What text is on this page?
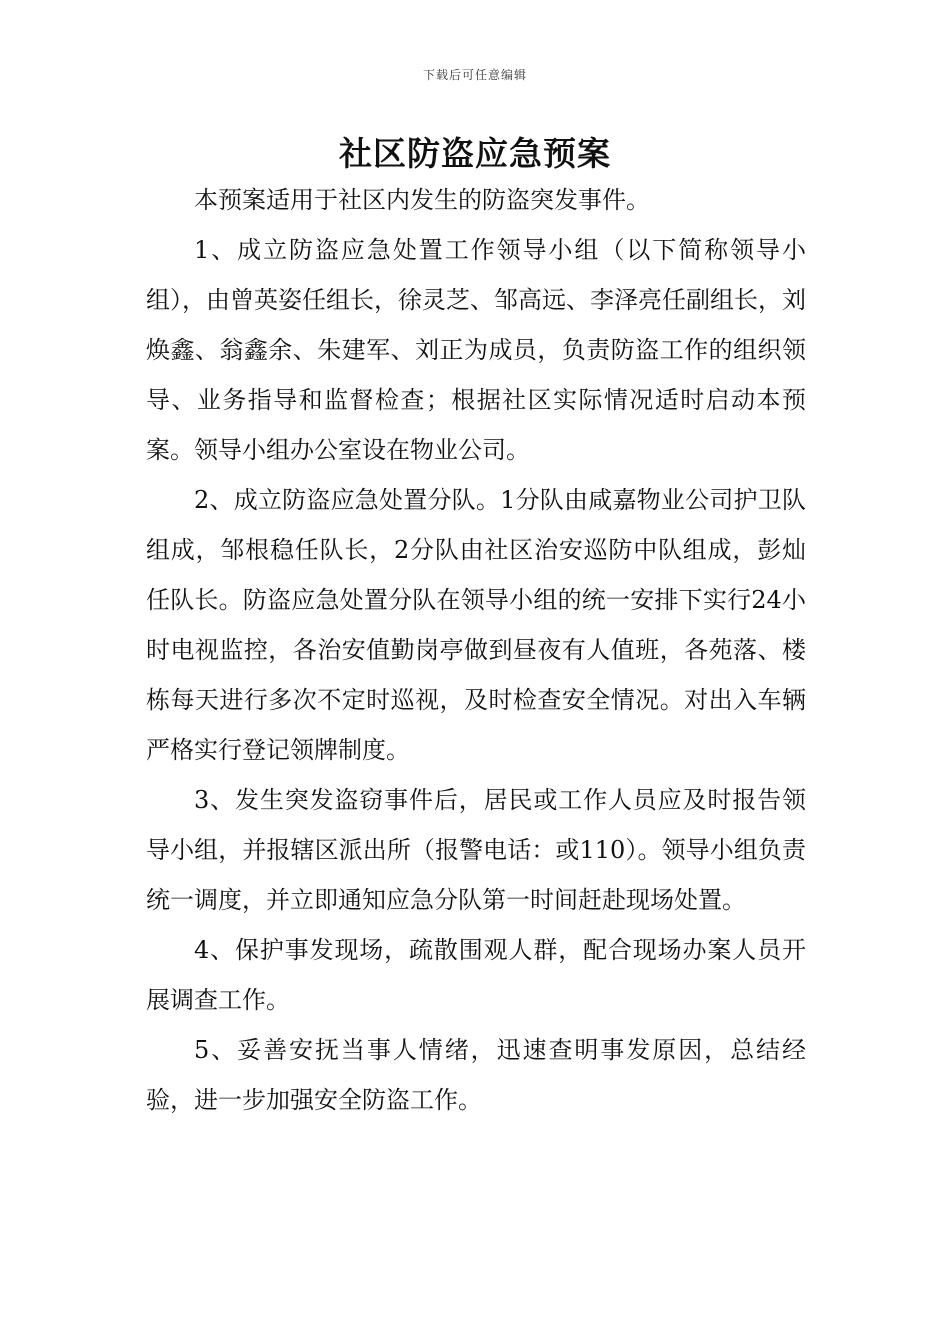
下载后可任意编辑
社区防盗应急预案

本预案适用于社区内发生的防盗突发事件。

1、成立防盗应急处置工作领导小组（以下简称领导小组），由曾英姿任组长，徐灵芝、邹高远、李泽亮任副组长，刘焕鑫、翁鑫余、朱建军、刘正为成员，负责防盗工作的组织领导、业务指导和监督检查；根据社区实际情况适时启动本预案。领导小组办公室设在物业公司。

2、成立防盗应急处置分队。1分队由咸嘉物业公司护卫队组成，邹根稳任队长，2分队由社区治安巡防中队组成，彭灿任队长。防盗应急处置分队在领导小组的统一安排下实行24小时电视监控，各治安值勤岗亭做到昼夜有人值班，各苑落、楼栋每天进行多次不定时巡视，及时检查安全情况。对出入车辆严格实行登记领牌制度。

3、发生突发盗窃事件后，居民或工作人员应及时报告领导小组，并报辖区派出所（报警电话：或110）。领导小组负责统一调度，并立即通知应急分队第一时间赶赴现场处置。

4、保护事发现场，疏散围观人群，配合现场办案人员开展调查工作。

5、妥善安抚当事人情绪，迅速查明事发原因，总结经验，进一步加强安全防盗工作。
